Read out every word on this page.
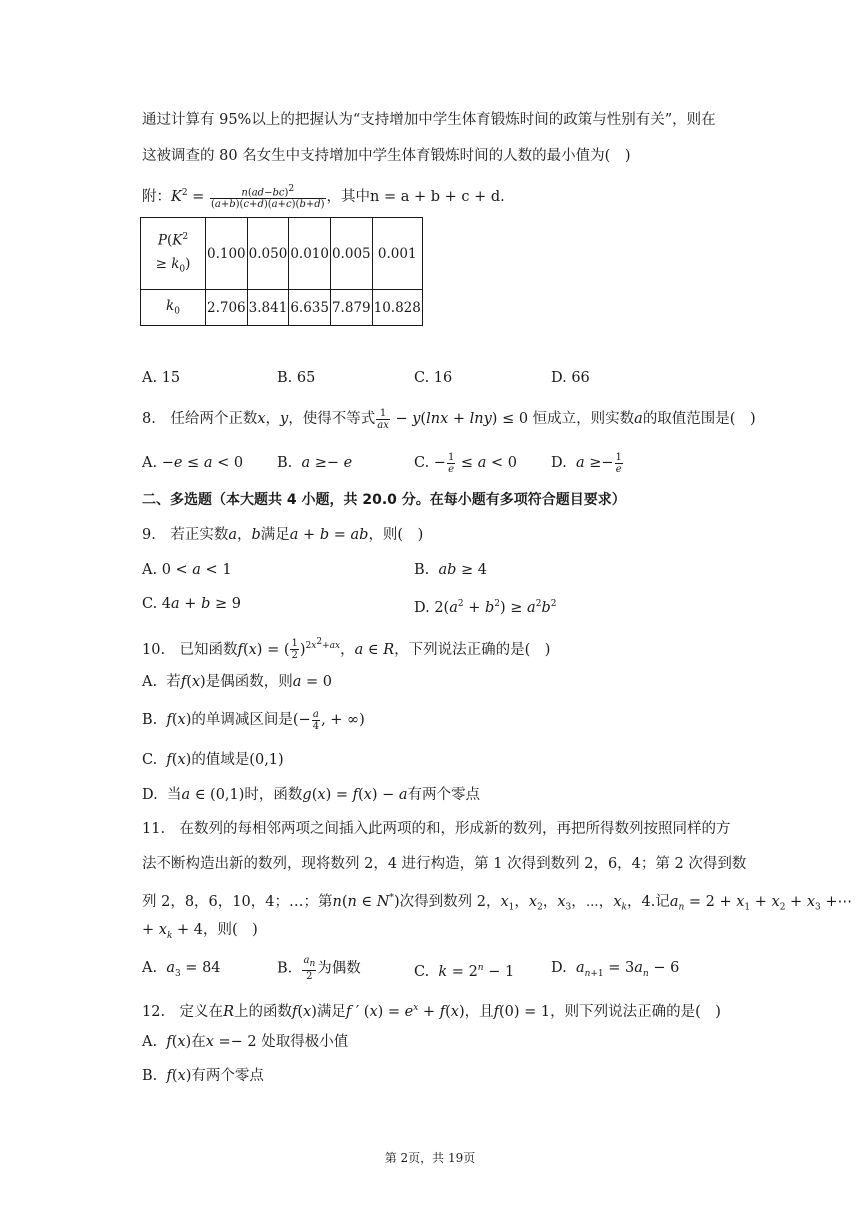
通过计算有 95%以上的把握认为“支持增加中学生体育锻炼时间的政策与性别有关”，则在
这被调查的 80 名女生中支持增加中学生体育锻炼时间的人数的最小值为(　)
附：$K^2 = \frac{n(ad-bc)^2}{(a+b)(c+d)(a+c)(b+d)}$ ，其中n = a + b + c + d.
$P(K^2$
≥ $k_0$)	0.100	0.050	0.010	0.005	0.001
$k_0$	2.706	3.841	6.635	7.879	10.828
A. 15	B. 65	C. 16	D. 66
8.　任给两个正数x，y，使得不等式 $\frac{1}{ax} - y(\ln x + \ln y) \le 0$ 恒成立，则实数a的取值范围是(　)
A. −e ≤ a < 0 B.  a ≥− e	C. − $\frac{1}{e} \le a < 0$ D.  $a \ge- \frac{1}{e}$
二、多选题（本大题共 4 小题，共 20.0 分。在每小题有多项符合题目要求）
9.　若正实数a，b满足a + b = ab，则(　)
A. 0 < a < 1	B.  ab ≥ 4
C. 4a + b ≥ 9	D. $2(a^2 + b^2) \ge a^2b^2$
10.　已知函数f(x) = ( $\frac{1}{2} )^{2x^2+ax}$，a ∈ R，下列说法正确的是(　)
A.  若f(x)是偶函数，则a = 0
B.  f(x)的单调减区间是(− $\frac{a}{4}$ , + ∞)
C.  f(x)的值域是(0,1)
D.  当a ∈ (0,1)时，函数g(x) = f(x) − a有两个零点
11.　在数列的每相邻两项之间插入此两项的和，形成新的数列，再把所得数列按照同样的方
法不断构造出新的数列，现将数列 2，4 进行构造，第 1 次得到数列 2，6，4；第 2 次得到数
列 2，8，6，10，4；…；第n(n ∈ N*)次得到数列 2，$x_1$，$x_2$，$x_3$，⋯，$x_k$，4.记$a_n = 2 + x_1 + x_2 + x_3$ +⋯
+ $x_k + 4$，则(　)
A.  $a_3 = 84$	B. $\frac{a_n}{2}$ 为偶数	C.  $k = 2^n - 1$	D.  $a_{n+1} = 3a_n - 6$
12.　定义在R上的函数f(x)满足f ′ $(x) = e^x + f(x)$，且f(0) = 1，则下列说法正确的是(　)
A.  f(x)在x =− 2 处取得极小值
B.  f(x)有两个零点
第 2页，共 19页
